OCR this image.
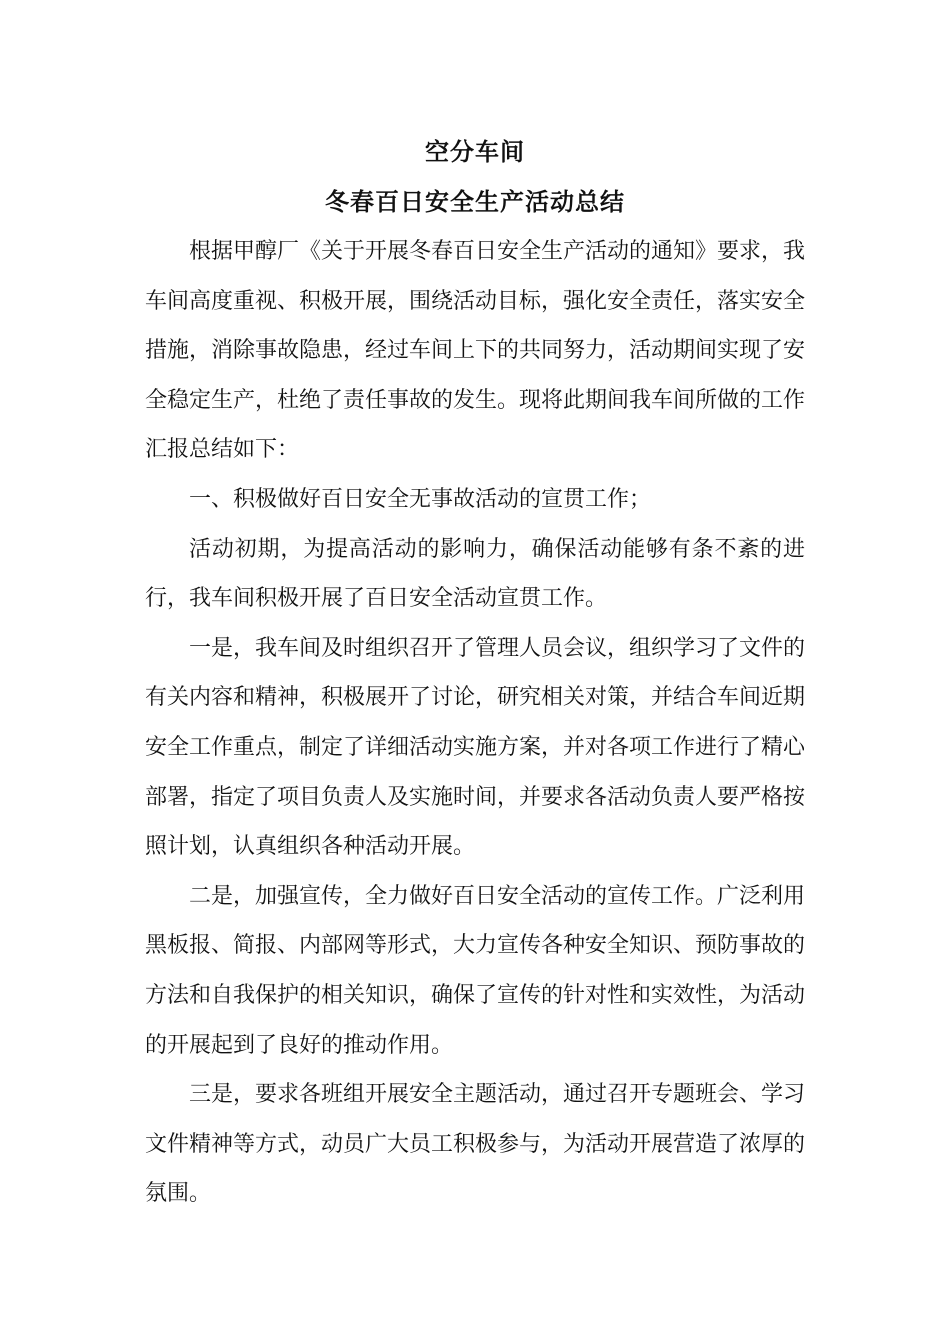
空分车间
冬春百日安全生产活动总结

根据甲醇厂《关于开展冬春百日安全生产活动的通知》要求，我车间高度重视、积极开展，围绕活动目标，强化安全责任，落实安全措施，消除事故隐患，经过车间上下的共同努力，活动期间实现了安全稳定生产，杜绝了责任事故的发生。现将此期间我车间所做的工作汇报总结如下：

一、积极做好百日安全无事故活动的宣贯工作；

活动初期，为提高活动的影响力，确保活动能够有条不紊的进行，我车间积极开展了百日安全活动宣贯工作。

一是，我车间及时组织召开了管理人员会议，组织学习了文件的有关内容和精神，积极展开了讨论，研究相关对策，并结合车间近期安全工作重点，制定了详细活动实施方案，并对各项工作进行了精心部署，指定了项目负责人及实施时间，并要求各活动负责人要严格按照计划，认真组织各种活动开展。

二是，加强宣传，全力做好百日安全活动的宣传工作。广泛利用黑板报、简报、内部网等形式，大力宣传各种安全知识、预防事故的方法和自我保护的相关知识，确保了宣传的针对性和实效性，为活动的开展起到了良好的推动作用。

三是，要求各班组开展安全主题活动，通过召开专题班会、学习文件精神等方式，动员广大员工积极参与，为活动开展营造了浓厚的氛围。
